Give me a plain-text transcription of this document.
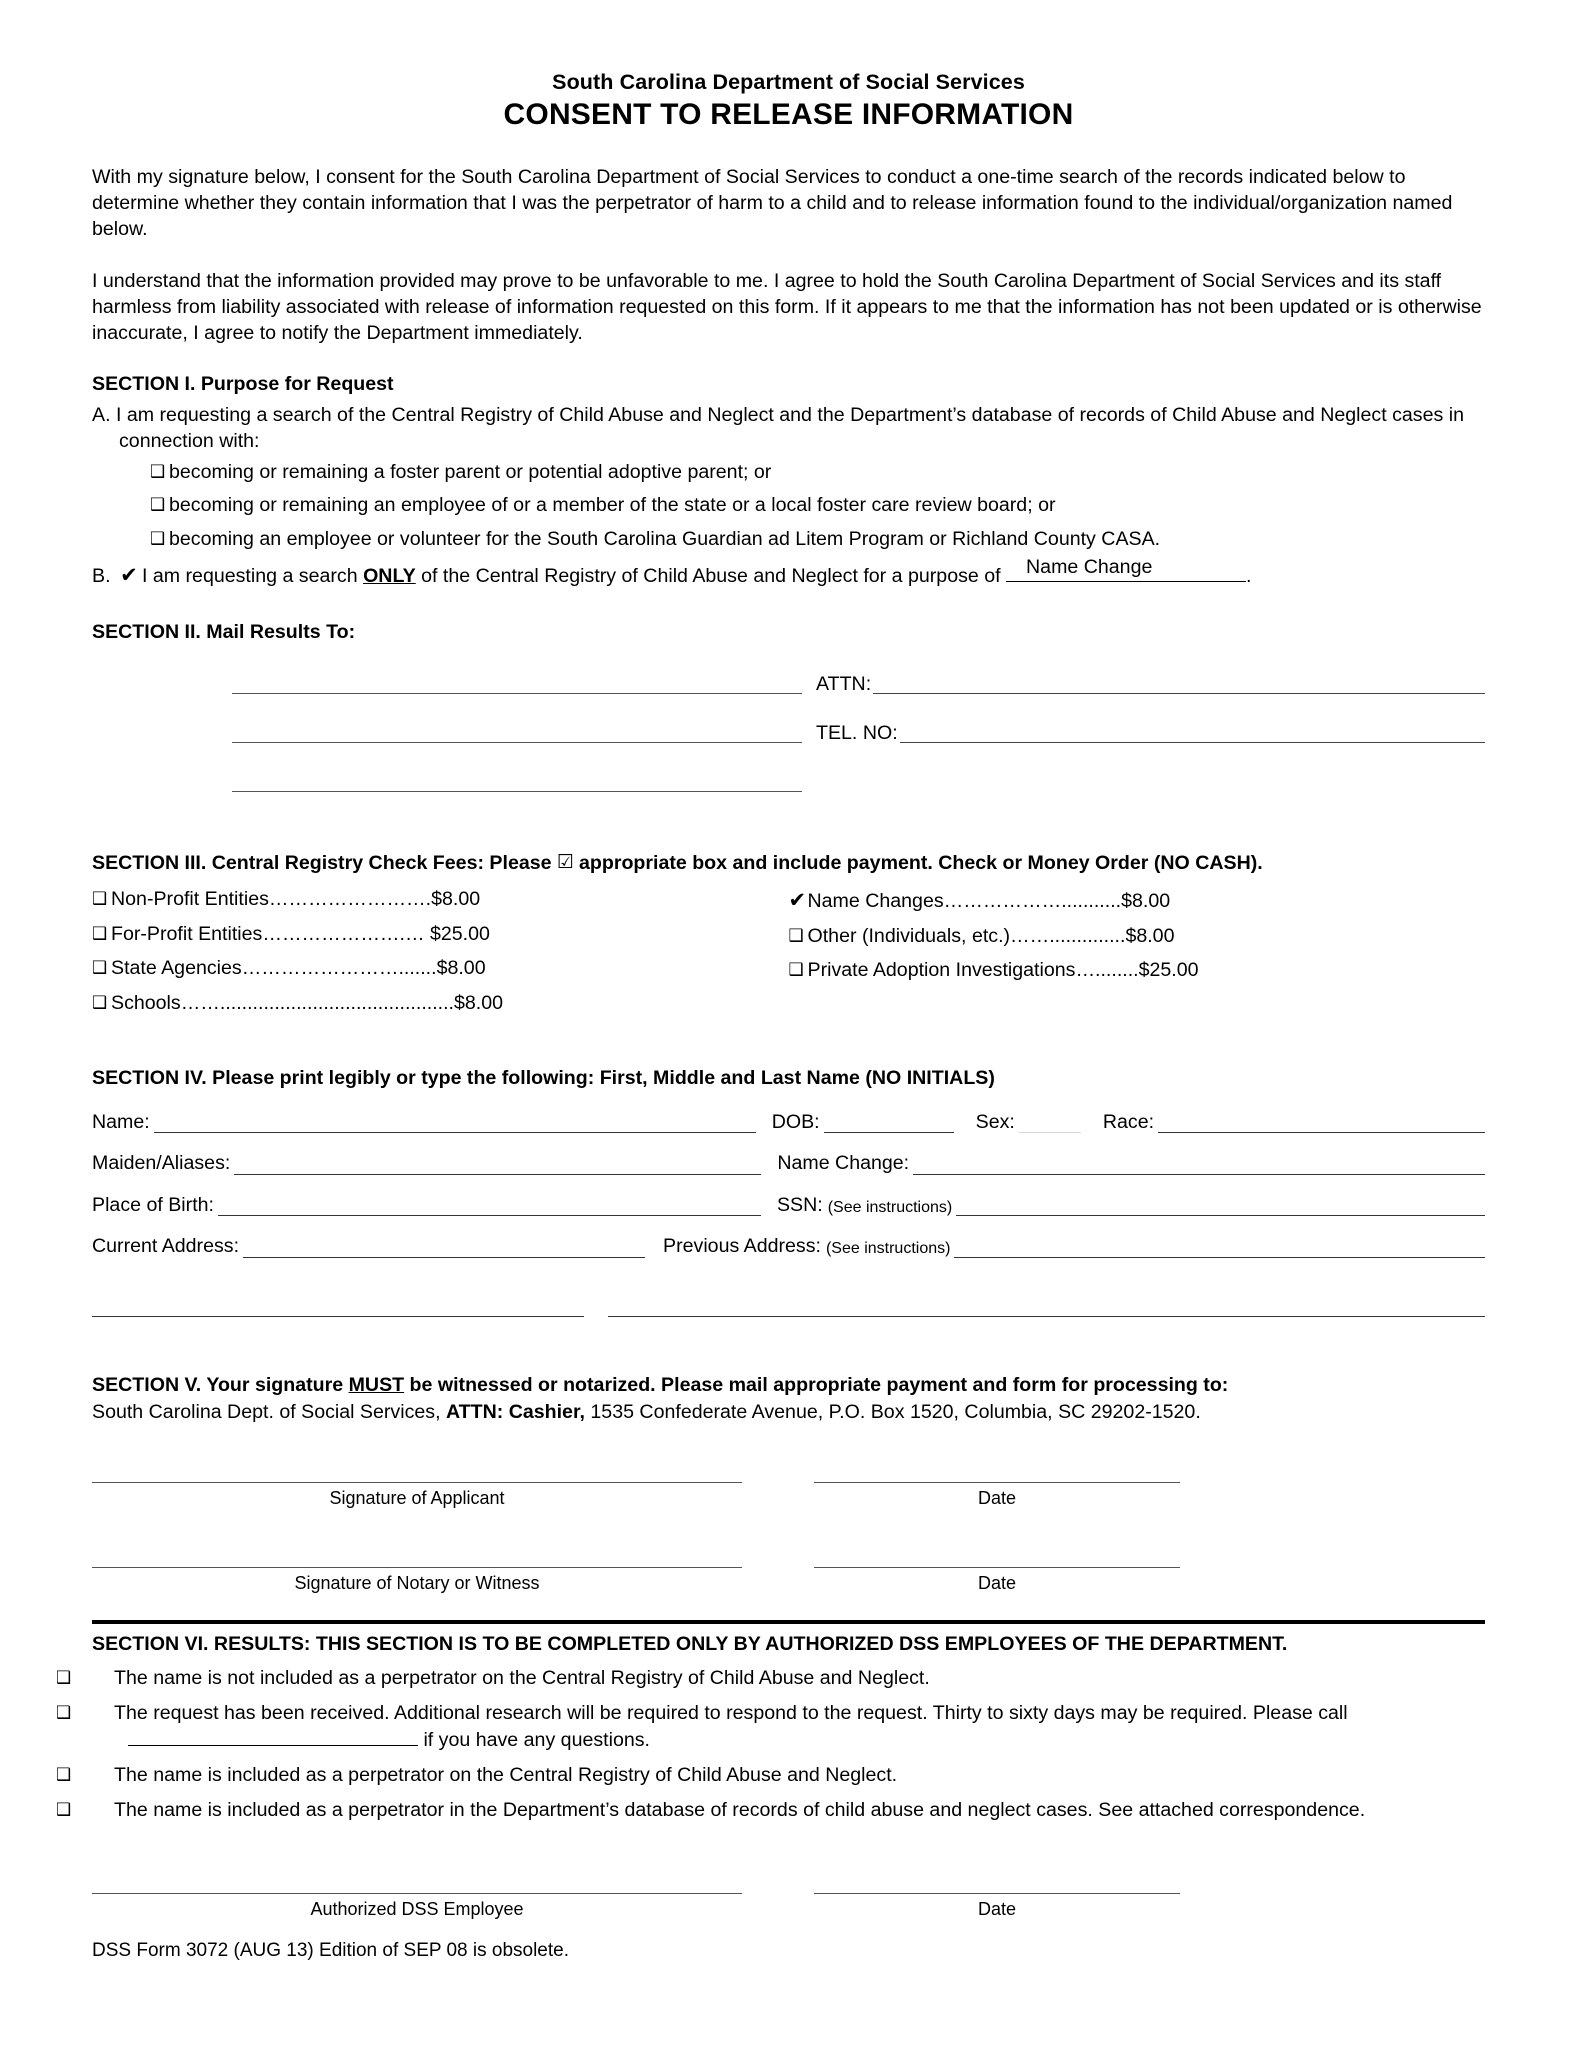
South Carolina Department of Social Services
CONSENT TO RELEASE INFORMATION

With my signature below, I consent for the South Carolina Department of Social Services to conduct a one-time search of the records indicated below to determine whether they contain information that I was the perpetrator of harm to a child and to release information found to the individual/organization named below.

I understand that the information provided may prove to be unfavorable to me. I agree to hold the South Carolina Department of Social Services and its staff harmless from liability associated with release of information requested on this form. If it appears to me that the information has not been updated or is otherwise inaccurate, I agree to notify the Department immediately.

SECTION I. Purpose for Request
A. I am requesting a search of the Central Registry of Child Abuse and Neglect and the Department’s database of records of Child Abuse and Neglect cases in connection with:
❑ becoming or remaining a foster parent or potential adoptive parent; or
❑ becoming or remaining an employee of or a member of the state or a local foster care review board; or
❑ becoming an employee or volunteer for the South Carolina Guardian ad Litem Program or Richland County CASA.
B. ✔ I am requesting a search ONLY of the Central Registry of Child Abuse and Neglect for a purpose of Name Change	.
SECTION II. Mail Results To:
ATTN:
TEL. NO:
SECTION III. Central Registry Check Fees: Please ☑ appropriate box and include payment. Check or Money Order (NO CASH).
❑ Non-Profit Entities…………………….$8.00
❑ For-Profit Entities………………….… $25.00
❑ State Agencies…………………….......$8.00
❑ Schools……...........................................$8.00
✔Name Changes………………...........$8.00
❑ Other (Individuals, etc.)……..............$8.00
❑ Private Adoption Investigations…........$25.00
SECTION IV. Please print legibly or type the following: First, Middle and Last Name (NO INITIALS)
Name:	DOB:	Sex:	Race:
Maiden/Aliases:	Name Change:
Place of Birth:	SSN: (See instructions)
Current Address:	Previous Address: (See instructions)
SECTION V. Your signature MUST be witnessed or notarized. Please mail appropriate payment and form for processing to:
South Carolina Dept. of Social Services, ATTN: Cashier, 1535 Confederate Avenue, P.O. Box 1520, Columbia, SC 29202-1520.
Signature of Applicant	Date
Signature of Notary or Witness	Date
SECTION VI. RESULTS: THIS SECTION IS TO BE COMPLETED ONLY BY AUTHORIZED DSS EMPLOYEES OF THE DEPARTMENT.
❑ The name is not included as a perpetrator on the Central Registry of Child Abuse and Neglect.
❑ The request has been received. Additional research will be required to respond to the request. Thirty to sixty days may be required. Please call  if you have any questions.
❑ The name is included as a perpetrator on the Central Registry of Child Abuse and Neglect.
❑ The name is included as a perpetrator in the Department’s database of records of child abuse and neglect cases. See attached correspondence.
Authorized DSS Employee	Date
DSS Form 3072 (AUG 13) Edition of SEP 08 is obsolete.
